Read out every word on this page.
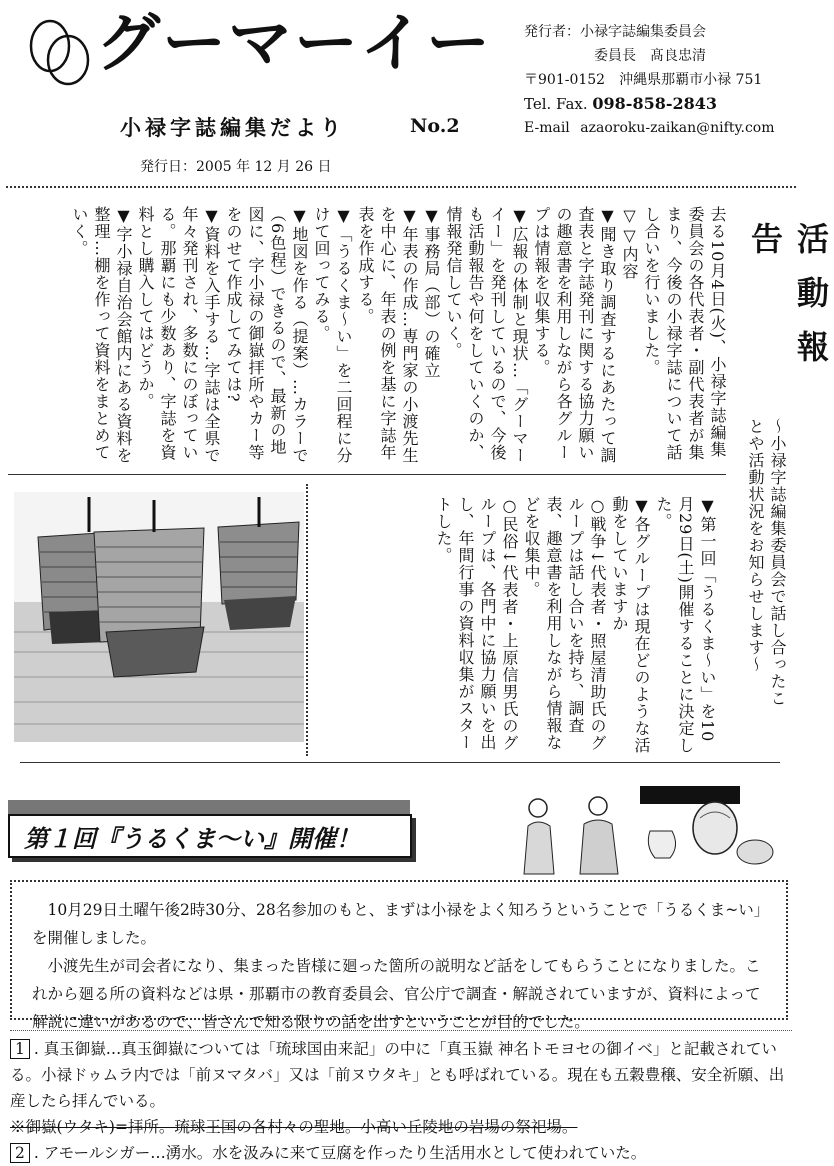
グーマーイー
小禄字誌編集だより	No.2
発行日：2005 年 12 月 26 日
発行者：小禄字誌編集委員会
委員長　髙良忠清
〒901-0152　沖縄県那覇市小禄 751
Tel. Fax. 098-858-2843
E-mail azaoroku-zaikan@nifty.com
活動報告
～小禄字誌編集委員会で話し合ったことや活動状況をお知らせします～
去る10月4日(火)、小禄字誌編集委員会の各代表者・副代表者が集まり、今後の小禄字誌について話し合いを行いました。
▽▽内容
▼聞き取り調査するにあたって調査表と字誌発刊に関する協力願いの趣意書を利用しながら各グループは情報を収集する。
▼広報の体制と現状…「グーマーイー」を発刊しているので、今後も活動報告や何をしていくのか、情報発信していく。
▼事務局（部）の確立
▼年表の作成…専門家の小渡先生を中心に、年表の例を基に字誌年表を作成する。
▼「うるくま～い」を二回程に分けて回ってみる。
▼地図を作る（提案）…カラーで（6色程）できるので、最新の地図に、字小禄の御嶽拝所やカー等をのせて作成してみては?
▼資料を入手する…字誌は全県で年々発刊され、多数にのぼっている。那覇にも少数あり、字誌を資料とし購入してはどうか。
▼字小禄自治会館内にある資料を整理…棚を作って資料をまとめていく。
▼第一回「うるくま～い」を10月29日(土)開催することに決定した。
▼各グループは現在どのような活動をしていますか
○戦争↓代表者・照屋清助氏のグループは話し合いを持ち、調査表、趣意書を利用しながら情報などを収集中。
○民俗↓代表者・上原信男氏のグループは、各門中に協力願いを出し、年間行事の資料収集がスタートした。
第１回『うるくま～い』開催！

10月29日土曜午後2時30分、28名参加のもと、まずは小禄をよく知ろうということで「うるくま~い」を開催しました。

小渡先生が司会者になり、集まった皆様に廻った箇所の説明など話をしてもらうことになりました。これから廻る所の資料などは県・那覇市の教育委員会、官公庁で調査・解説されていますが、資料によって解説に違いがあるので、皆さんで知る限りの話を出すということが目的でした。

1 . 真玉御嶽…真玉御嶽については「琉球国由来記」の中に「真玉嶽 神名トモヨセの御イベ」と記載されている。小禄ドゥムラ内では「前ヌマタバ」又は「前ヌウタキ」とも呼ばれている。現在も五穀豊穣、安全祈願、出産したら拝んでいる。
※御嶽(ウタキ)=拝所。琉球王国の各村々の聖地。小高い丘陵地の岩場の祭祀場。
2 . アモールシガー…湧水。水を汲みに来て豆腐を作ったり生活用水として使われていた。
